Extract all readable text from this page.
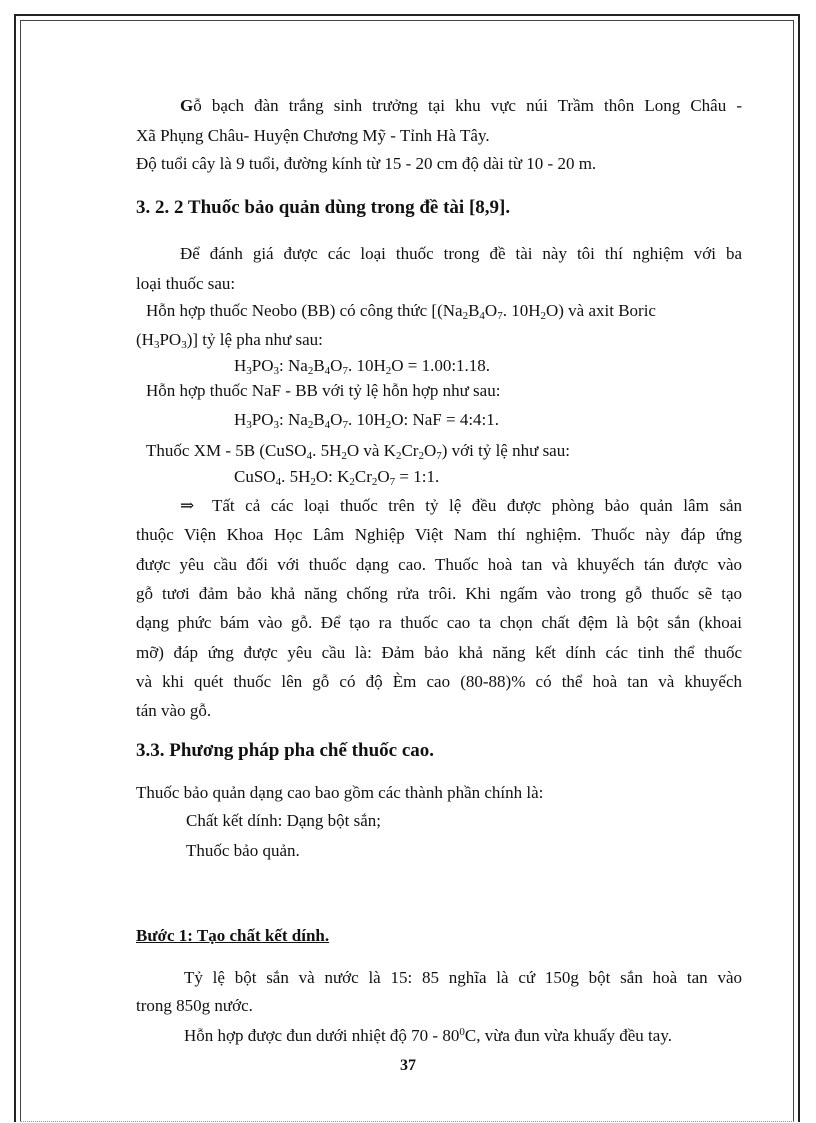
Gỗ bạch đàn trắng sinh trưởng tại khu vực núi Trầm thôn Long Châu -
Xã Phụng Châu- Huyện Chương Mỹ - Tỉnh Hà Tây.
Độ tuổi cây là 9 tuổi, đường kính từ 15 - 20 cm độ dài từ 10 - 20 m.
3. 2. 2 Thuốc bảo quản dùng trong đề tài [8,9].
Để đánh giá được các loại thuốc trong đề tài này tôi thí nghiệm với ba
loại thuốc sau:
Hỗn hợp thuốc Neobo (BB) có công thức [($Na_2B_4O_7$. $10H_2O$) và axit Boric
$(H_3PO_3)$] tỷ lệ pha như sau:
$H_3PO_3$: $Na_2B_4O_7$. $10H_2O$ = 1.00:1.18.
Hỗn hợp thuốc NaF - BB với tỷ lệ hỗn hợp như sau:
$H_3PO_3$: $Na_2B_4O_7$. $10H_2O$: NaF = 4:4:1.
Thuốc XM - 5B (CuSO$_4$. $5H_2O$ và $K_2Cr_2O_7$) với tỷ lệ như sau:
CuSO$_4$. $5H_2O$: $K_2Cr_2O_7$ = 1:1.
⇒ Tất cả các loại thuốc trên tỷ lệ đều được phòng bảo quản lâm sản
thuộc Viện Khoa Học Lâm Nghiệp Việt Nam thí nghiệm. Thuốc này đáp ứng
được yêu cầu đối với thuốc dạng cao. Thuốc hoà tan và khuyếch tán được vào
gỗ tươi đảm bảo khả năng chống rửa trôi. Khi ngấm vào trong gỗ thuốc sẽ tạo
dạng phức bám vào gỗ. Để tạo ra thuốc cao ta chọn chất đệm là bột sắn (khoai
mỡ) đáp ứng được yêu cầu là: Đảm bảo khả năng kết dính các tinh thể thuốc
và khi quét thuốc lên gỗ có độ Èm cao (80-88)% có thể hoà tan và khuyếch
tán vào gỗ.
3.3. Phương pháp pha chế thuốc cao.
Thuốc bảo quản dạng cao bao gồm các thành phần chính là:
Chất kết dính: Dạng bột sắn;
Thuốc bảo quản.
Bước 1: Tạo chất kết dính.
Tỷ lệ bột sắn và nước là 15: 85 nghĩa là cứ 150g bột sắn hoà tan vào
trong 850g nước.
Hỗn hợp được đun dưới nhiệt độ $70 - 80^0C$, vừa đun vừa khuấy đều tay.
37
